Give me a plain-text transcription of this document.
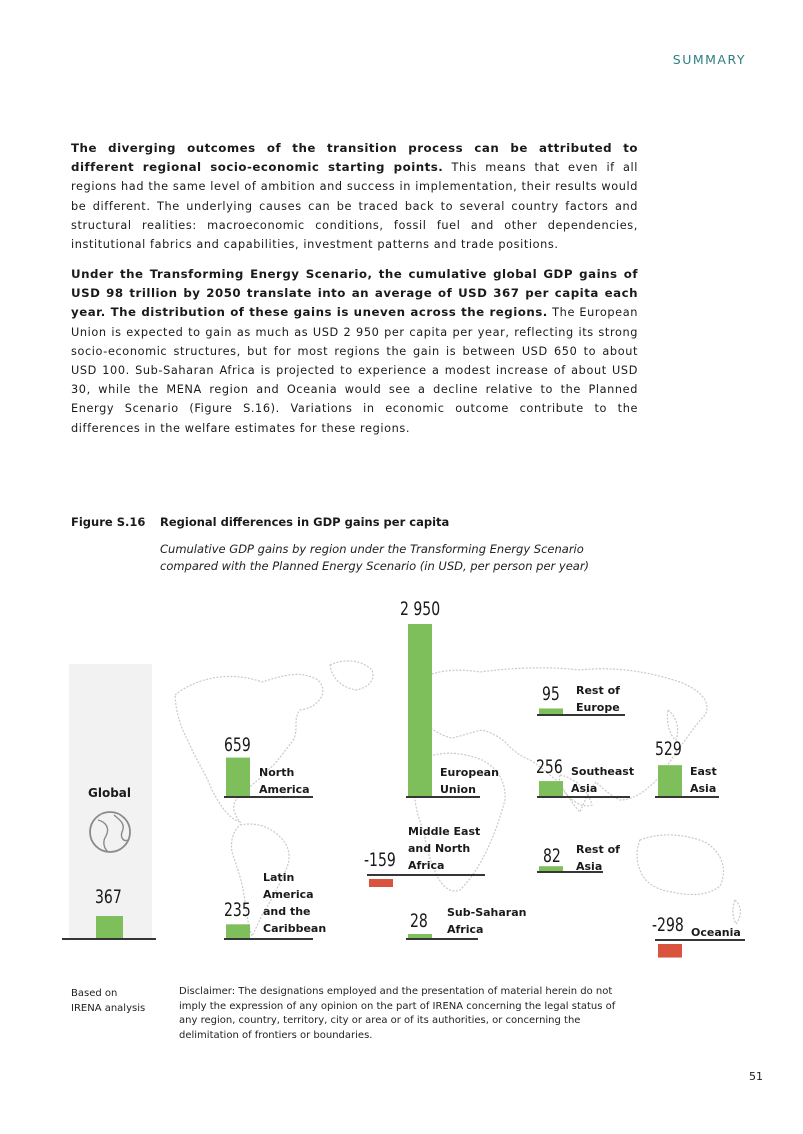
SUMMARY

The diverging outcomes of the transition process can be attributed to different regional socio-economic starting points. This means that even if all regions had the same level of ambition and success in implementation, their results would be different. The underlying causes can be traced back to several country factors and structural realities: macroeconomic conditions, fossil fuel and other dependencies, institutional fabrics and capabilities, investment patterns and trade positions.

Under the Transforming Energy Scenario, the cumulative global GDP gains of USD 98 trillion by 2050 translate into an average of USD 367 per capita each year. The distribution of these gains is uneven across the regions. The European Union is expected to gain as much as USD 2 950 per capita per year, reflecting its strong socio-economic structures, but for most regions the gain is between USD 650 to about USD 100. Sub-Saharan Africa is projected to experience a modest increase of about USD 30, while the MENA region and Oceania would see a decline relative to the Planned Energy Scenario (Figure S.16). Variations in economic outcome contribute to the differences in the welfare estimates for these regions.

Figure S.16 Regional differences in GDP gains per capita
Cumulative GDP gains by region under the Transforming Energy Scenario compared with the Planned Energy Scenario (in USD, per person per year)
659
North
America
2 950
European
Union
95 Rest of
Europe
256 Southeast
Asia
529
East
Asia
235
Latin
America
and the
Caribbean
-159
Middle East
and North
Africa	82 Rest of
Asia
28 Sub-Saharan
Africa	-298 Oceania
367
Global
Based on
IRENA analysis
Disclaimer: The designations employed and the presentation of material herein do not imply the expression of any opinion on the part of IRENA concerning the legal status of any region, country, territory, city or area or of its authorities, or concerning the delimitation of frontiers or boundaries.
51
